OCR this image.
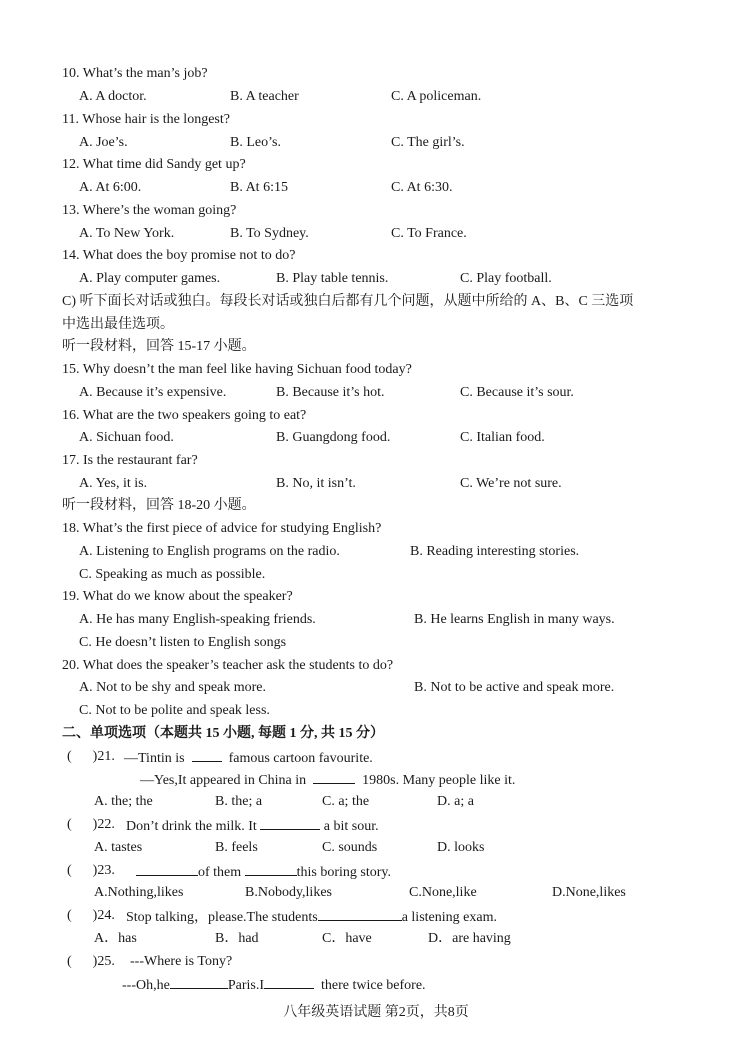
10. What’s the man’s job?
A. A doctor.	B. A teacher	C. A policeman.
11. Whose hair is the longest?
A. Joe’s.	B. Leo’s.	C. The girl’s.
12. What time did Sandy get up?
A. At 6:00.	B. At 6:15	C. At 6:30.
13. Where’s the woman going?
A. To New York.	B. To Sydney.	C. To France.
14. What does the boy promise not to do?
A. Play computer games.	B. Play table tennis.	C. Play football.
C) 听下面长对话或独白。每段长对话或独白后都有几个问题，从题中所给的 A、B、C 三选项
中选出最佳选项。
听一段材料，回答 15-17 小题。
15. Why doesn’t the man feel like having Sichuan food today?
A. Because it’s expensive.	B. Because it’s hot.	C. Because it’s sour.
16. What are the two speakers going to eat?
A. Sichuan food.	B. Guangdong food.	C. Italian food.
17. Is the restaurant far?
A. Yes, it is.	B. No, it isn’t.	C. We’re not sure.
听一段材料，回答 18-20 小题。
18. What’s the first piece of advice for studying English?
A. Listening to English programs on the radio.	B. Reading interesting stories.
C. Speaking as much as possible.
19. What do we know about the speaker?
A. He has many English-speaking friends.	B. He learns English in many ways.
C. He doesn’t listen to English songs
20. What does the speaker’s teacher ask the students to do?
A. Not to be shy and speak more.	B. Not to be active and speak more.
C. Not to be polite and speak less.
二、单项选项（本题共 15 小题, 每题 1 分, 共 15 分）
(      )21. —Tintin is	famous cartoon favourite.
—Yes,It appeared in China in	1980s. Many people like it.
A. the; the	B. the; a	C. a; the	D. a; a
(      )22. Don’t drink the milk. It	a bit sour.
A. tastes	B. feels	C. sounds	D. looks
(      )23.	of them	this boring story.
A.Nothing,likes	B.Nobody,likes	C.None,like	D.None,likes
(      )24. Stop talking，please.The students	a listening exam.
A．has	B．had	C．have	D．are having
(      )25. ---Where is Tony?
---Oh,he	Paris.I	there twice before.
八年级英语试题 第2页，共8页
